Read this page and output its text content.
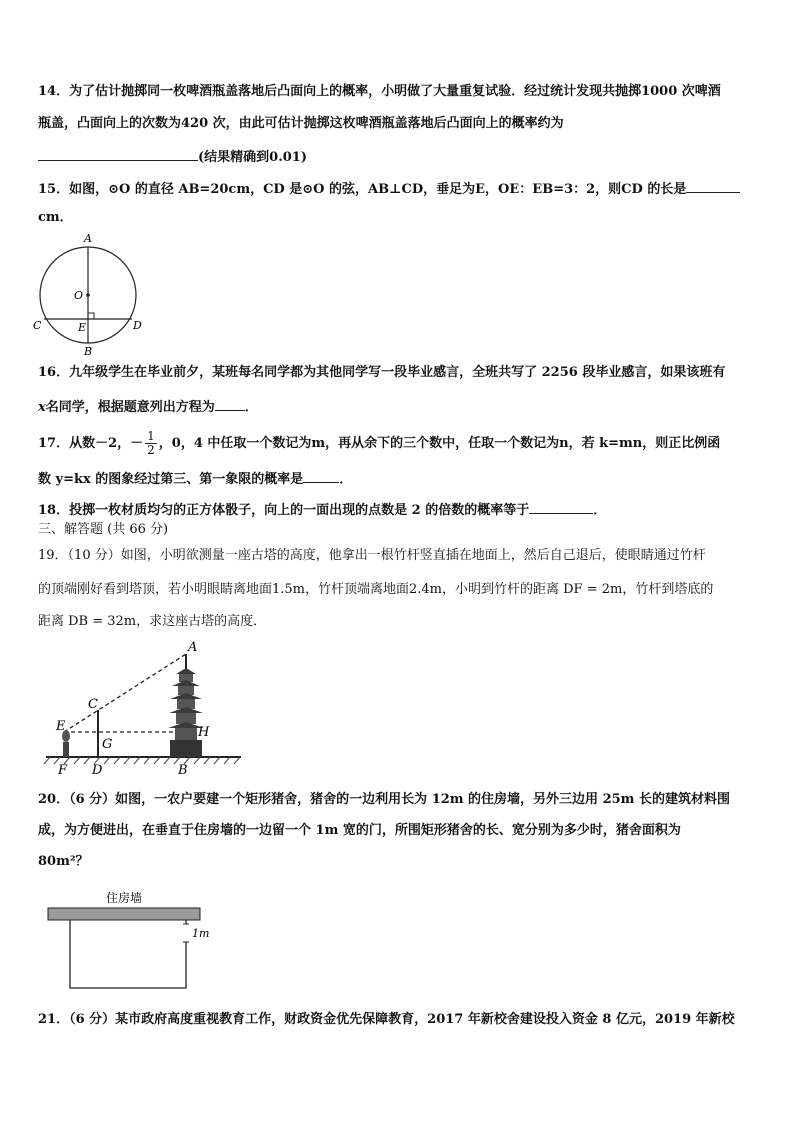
14．为了估计抛掷同一枚啤酒瓶盖落地后凸面向上的概率，小明做了大量重复试验．经过统计发现共抛掷1000 次啤酒
瓶盖，凸面向上的次数为420 次，由此可估计抛掷这枚啤酒瓶盖落地后凸面向上的概率约为
(结果精确到0.01)
15．如图，⊙O 的直径 AB=20cm，CD 是⊙O 的弦，AB⊥CD，垂足为E，OE：EB=3：2，则CD 的长是
cm．
A
O
C	E	D
B
16．九年级学生在毕业前夕，某班每名同学都为其他同学写一段毕业感言，全班共写了 2256 段毕业感言，如果该班有
x名同学，根据题意列出方程为 ．
17．从数－2，－ $\frac{1}{2}$ ，0，4 中任取一个数记为m，再从余下的三个数中，任取一个数记为n，若 k=mn，则正比例函
数 y=kx 的图象经过第三、第一象限的概率是	．
18．投掷一枚材质均匀的正方体骰子，向上的一面出现的点数是 2 的倍数的概率等于	．
三、解答题 (共 66 分)
19．（10 分）如图，小明欲测量一座古塔的高度，他拿出一根竹杆竖直插在地面上，然后自己退后，使眼睛通过竹杆
的顶端刚好看到塔顶，若小明眼睛离地面1.5m，竹杆顶端离地面2.4m，小明到竹杆的距离 DF = 2m，竹杆到塔底的
距离 DB = 32m，求这座古塔的高度．
A
C
E
G
H
F D	B
20．（6 分）如图，一农户要建一个矩形猪舍，猪舍的一边利用长为 12m 的住房墙，另外三边用 25m 长的建筑材料围
成，为方便进出，在垂直于住房墙的一边留一个 1m 宽的门，所围矩形猪舍的长、宽分别为多少时，猪舍面积为
80m²？
住房墙
1m
21．（6 分）某市政府高度重视教育工作，财政资金优先保障教育，2017 年新校舍建设投入资金 8 亿元，2019 年新校
